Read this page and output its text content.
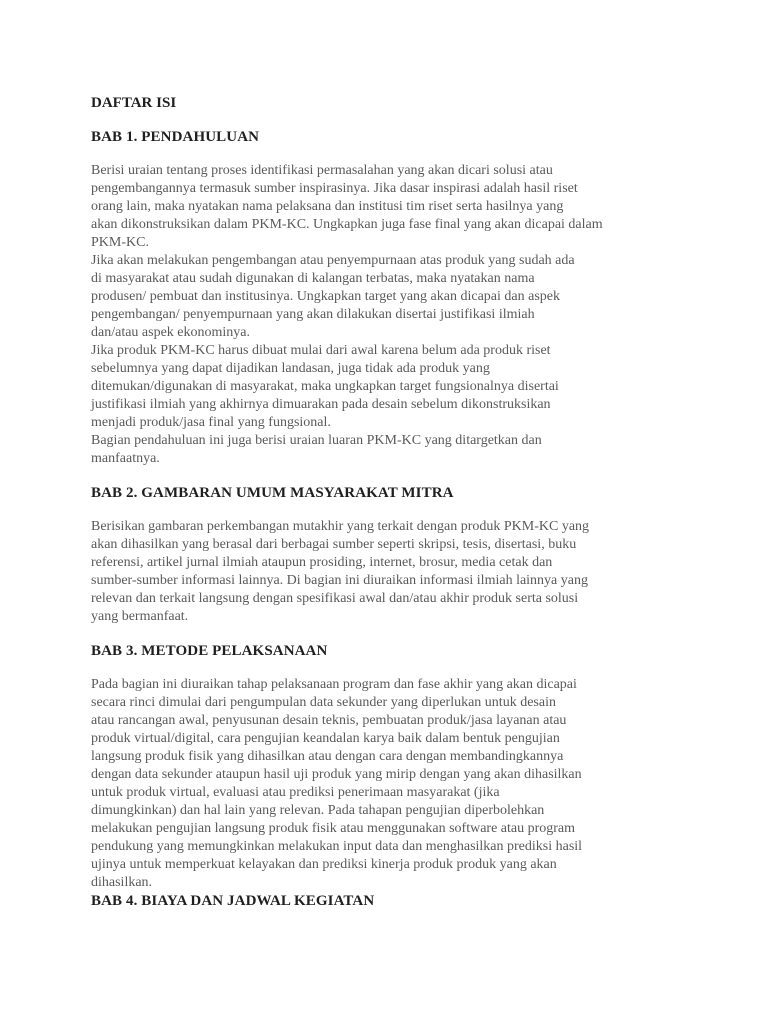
DAFTAR ISI
BAB 1. PENDAHULUAN
Berisi uraian tentang proses identifikasi permasalahan yang akan dicari solusi atau
pengembangannya termasuk sumber inspirasinya. Jika dasar inspirasi adalah hasil riset
orang lain, maka nyatakan nama pelaksana dan institusi tim riset serta hasilnya yang
akan dikonstruksikan dalam PKM-KC. Ungkapkan juga fase final yang akan dicapai dalam
PKM-KC.
Jika akan melakukan pengembangan atau penyempurnaan atas produk yang sudah ada
di masyarakat atau sudah digunakan di kalangan terbatas, maka nyatakan nama
produsen/ pembuat dan institusinya. Ungkapkan target yang akan dicapai dan aspek
pengembangan/ penyempurnaan yang akan dilakukan disertai justifikasi ilmiah
dan/atau aspek ekonominya.
Jika produk PKM-KC harus dibuat mulai dari awal karena belum ada produk riset
sebelumnya yang dapat dijadikan landasan, juga tidak ada produk yang
ditemukan/digunakan di masyarakat, maka ungkapkan target fungsionalnya disertai
justifikasi ilmiah yang akhirnya dimuarakan pada desain sebelum dikonstruksikan
menjadi produk/jasa final yang fungsional.
Bagian pendahuluan ini juga berisi uraian luaran PKM-KC yang ditargetkan dan
manfaatnya.
BAB 2. GAMBARAN UMUM MASYARAKAT MITRA
Berisikan gambaran perkembangan mutakhir yang terkait dengan produk PKM-KC yang
akan dihasilkan yang berasal dari berbagai sumber seperti skripsi, tesis, disertasi, buku
referensi, artikel jurnal ilmiah ataupun prosiding, internet, brosur, media cetak dan
sumber-sumber informasi lainnya. Di bagian ini diuraikan informasi ilmiah lainnya yang
relevan dan terkait langsung dengan spesifikasi awal dan/atau akhir produk serta solusi
yang bermanfaat.
BAB 3. METODE PELAKSANAAN
Pada bagian ini diuraikan tahap pelaksanaan program dan fase akhir yang akan dicapai
secara rinci dimulai dari pengumpulan data sekunder yang diperlukan untuk desain
atau rancangan awal, penyusunan desain teknis, pembuatan produk/jasa layanan atau
produk virtual/digital, cara pengujian keandalan karya baik dalam bentuk pengujian
langsung produk fisik yang dihasilkan atau dengan cara dengan membandingkannya
dengan data sekunder ataupun hasil uji produk yang mirip dengan yang akan dihasilkan
untuk produk virtual, evaluasi atau prediksi penerimaan masyarakat (jika
dimungkinkan) dan hal lain yang relevan. Pada tahapan pengujian diperbolehkan
melakukan pengujian langsung produk fisik atau menggunakan software atau program
pendukung yang memungkinkan melakukan input data dan menghasilkan prediksi hasil
ujinya untuk memperkuat kelayakan dan prediksi kinerja produk produk yang akan
dihasilkan.
BAB 4. BIAYA DAN JADWAL KEGIATAN
